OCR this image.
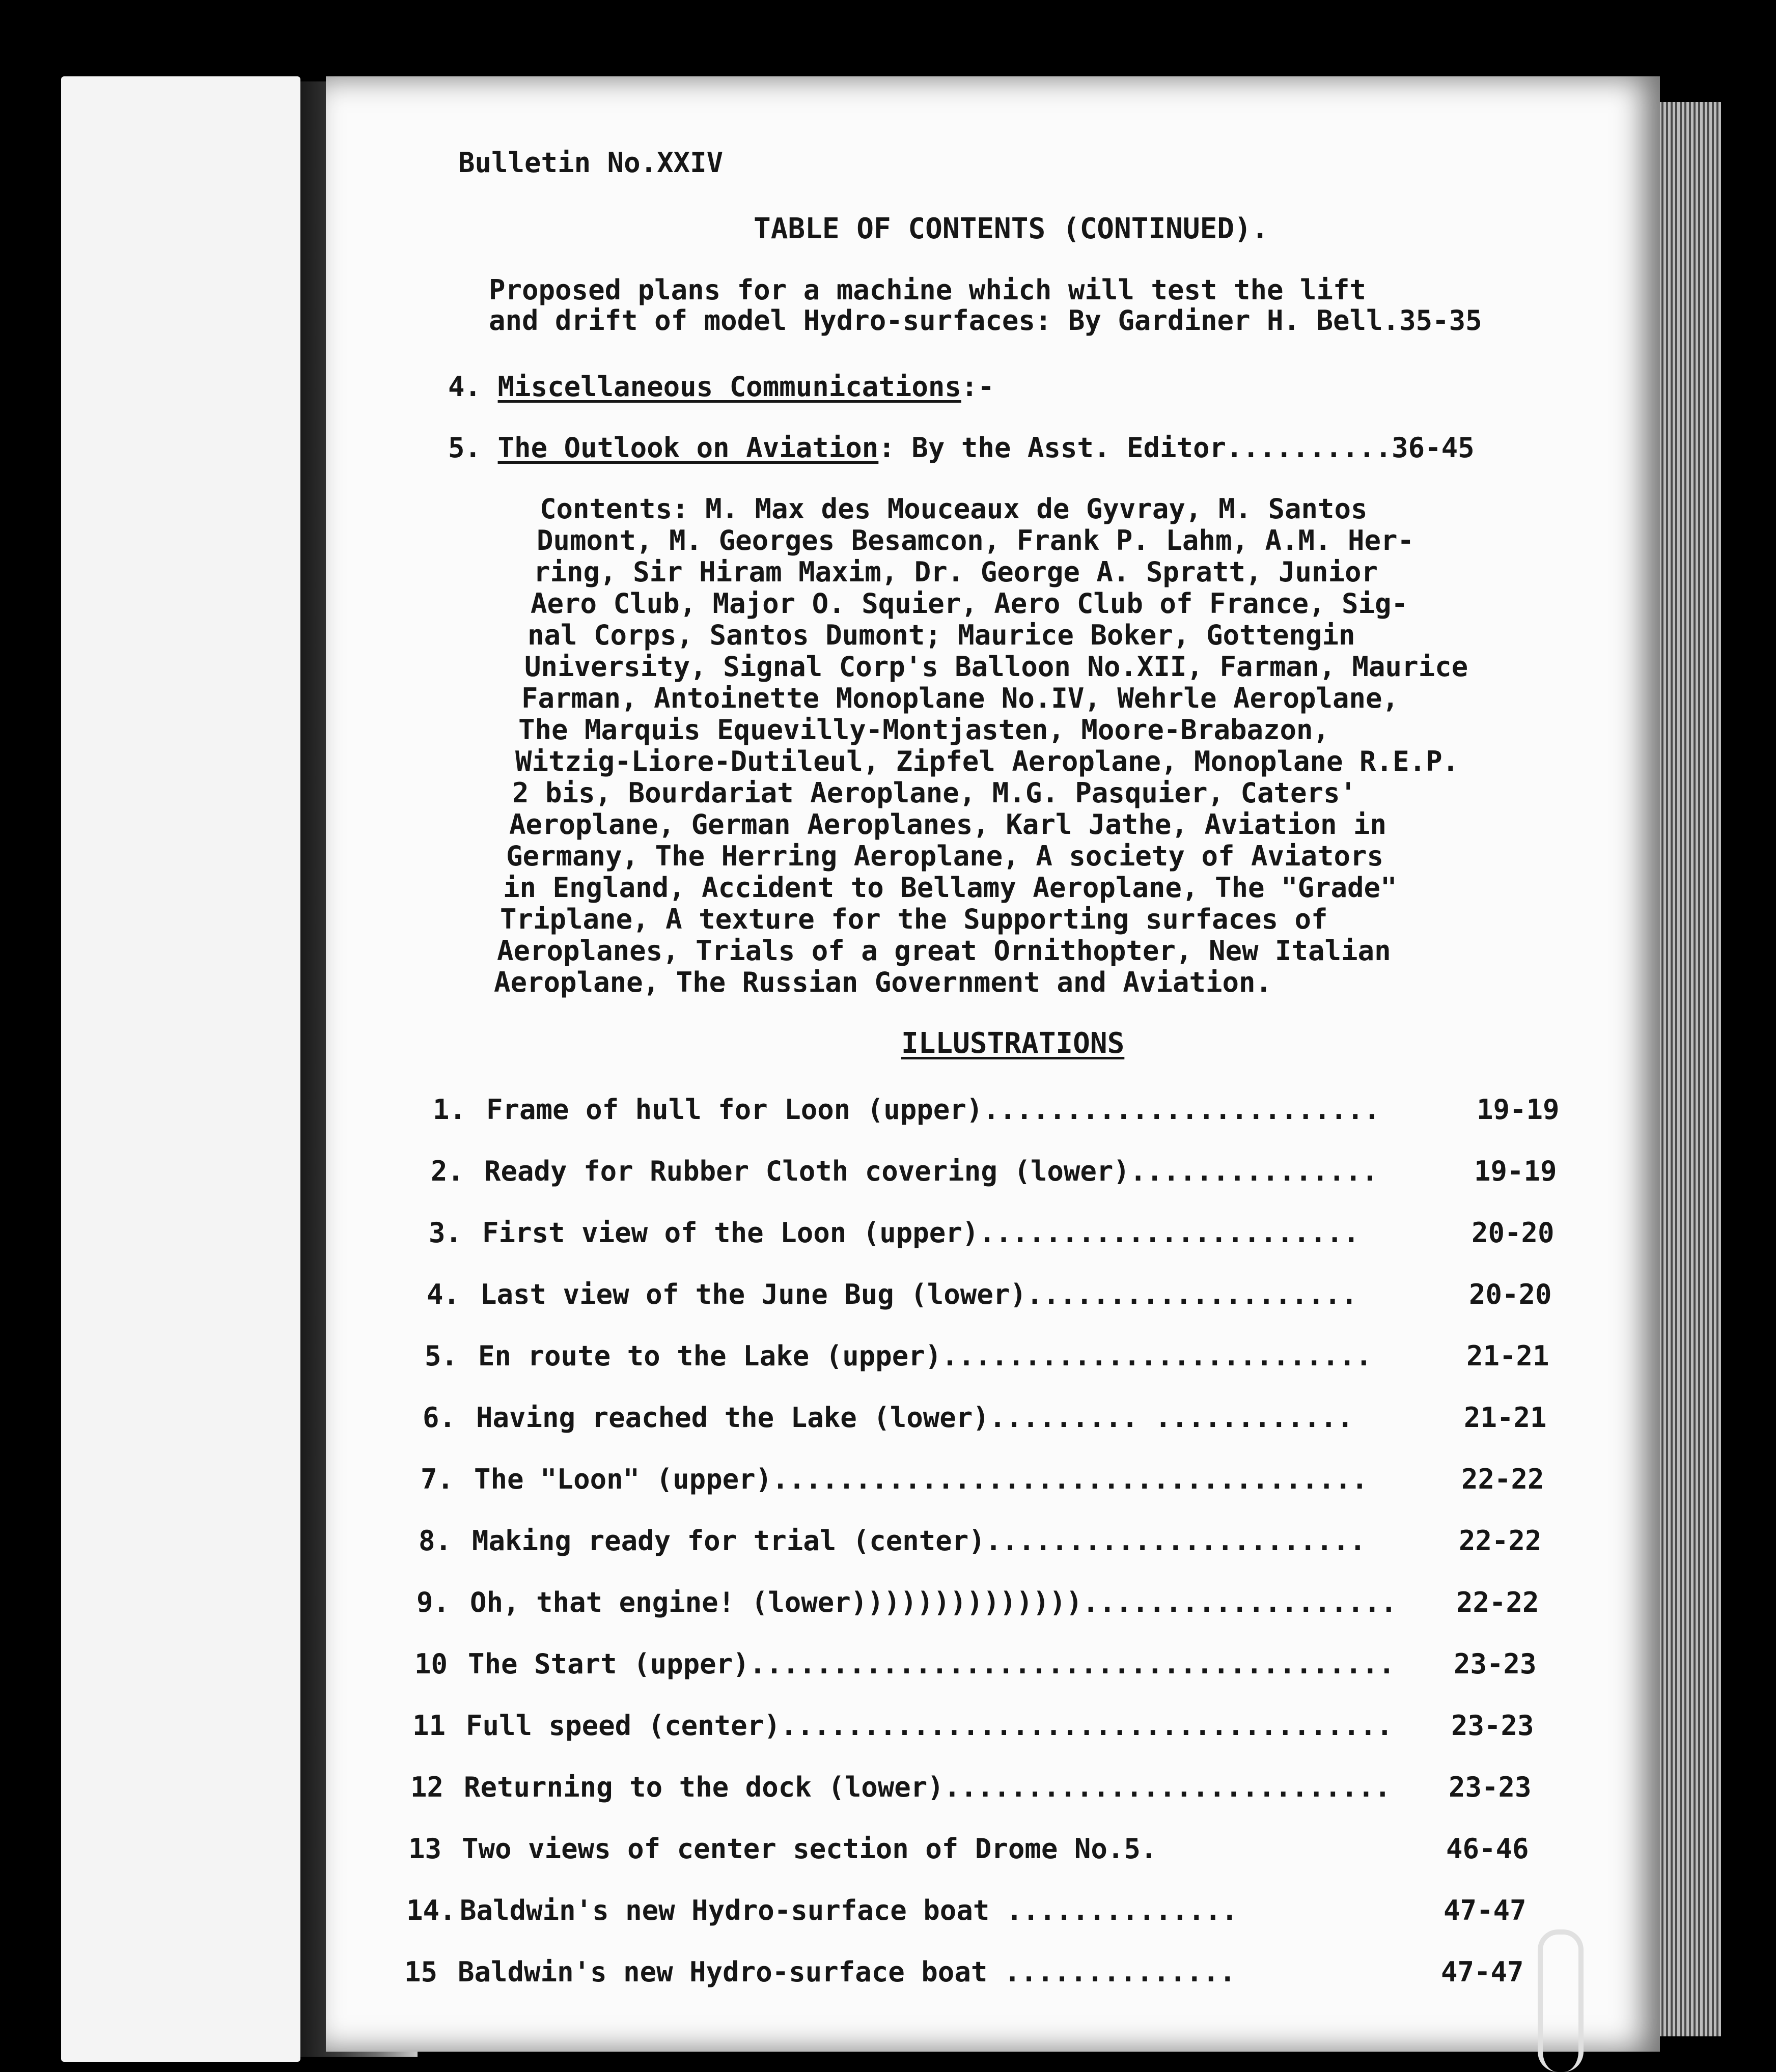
Bulletin No.XXIV
TABLE OF CONTENTS (CONTINUED).
Proposed plans for a machine which will test the lift
and drift of model Hydro-surfaces: By Gardiner H. Bell.35-35
4. Miscellaneous Communications:-
5. The Outlook on Aviation: By the Asst. Editor..........36-45
Contents: M. Max des Mouceaux de Gyvray, M. Santos
Dumont, M. Georges Besamcon, Frank P. Lahm, A.M. Her-
ring, Sir Hiram Maxim, Dr. George A. Spratt, Junior
Aero Club, Major O. Squier, Aero Club of France, Sig-
nal Corps, Santos Dumont; Maurice Boker, Gottengin
University, Signal Corp's Balloon No.XII, Farman, Maurice
Farman, Antoinette Monoplane No.IV, Wehrle Aeroplane,
The Marquis Equevilly-Montjasten, Moore-Brabazon,
Witzig-Liore-Dutileul, Zipfel Aeroplane, Monoplane R.E.P.
2 bis, Bourdariat Aeroplane, M.G. Pasquier, Caters'
Aeroplane, German Aeroplanes, Karl Jathe, Aviation in
Germany, The Herring Aeroplane, A society of Aviators
in England, Accident to Bellamy Aeroplane, The "Grade"
Triplane, A texture for the Supporting surfaces of
Aeroplanes, Trials of a great Ornithopter, New Italian
Aeroplane, The Russian Government and Aviation.
ILLUSTRATIONS
1. Frame of hull for Loon (upper)........................	19-19
2. Ready for Rubber Cloth covering (lower)...............	19-19
3. First view of the Loon (upper).......................	20-20
4. Last view of the June Bug (lower)....................	20-20
5. En route to the Lake (upper)..........................	21-21
6. Having reached the Lake (lower)......... ............	21-21
7. The "Loon" (upper)....................................	22-22
8. Making ready for trial (center).......................	22-22
9. Oh, that engine! (lower))))))))))))))................... 22-22
10 The Start (upper)....................................... 23-23
11 Full speed (center)..................................... 23-23
12 Returning to the dock (lower)........................... 23-23
13 Two views of center section of Drome No.5.	46-46
14. Baldwin's new Hydro-surface boat ..............	47-47
15 Baldwin's new Hydro-surface boat ..............	47-47
